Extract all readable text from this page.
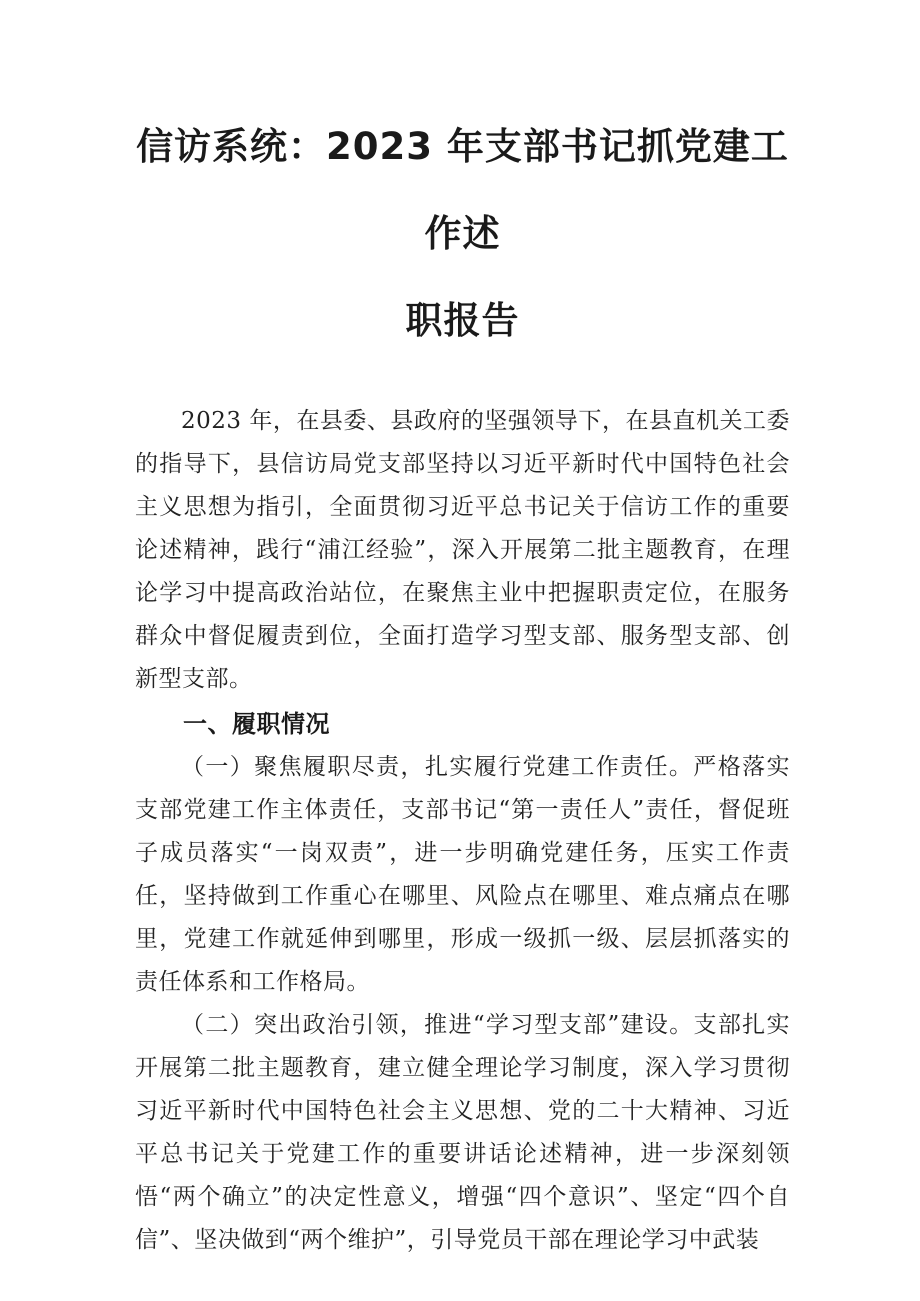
信访系统：2023 年支部书记抓党建工作述
职报告

2023 年，在县委、县政府的坚强领导下，在县直机关工委的指导下，县信访局党支部坚持以习近平新时代中国特色社会主义思想为指引，全面贯彻习近平总书记关于信访工作的重要论述精神，践行“浦江经验”，深入开展第二批主题教育，在理论学习中提高政治站位，在聚焦主业中把握职责定位，在服务群众中督促履责到位，全面打造学习型支部、服务型支部、创新型支部。

一、履职情况

（一）聚焦履职尽责，扎实履行党建工作责任。严格落实支部党建工作主体责任，支部书记“第一责任人”责任，督促班子成员落实“一岗双责”，进一步明确党建任务，压实工作责任，坚持做到工作重心在哪里、风险点在哪里、难点痛点在哪里，党建工作就延伸到哪里，形成一级抓一级、层层抓落实的责任体系和工作格局。

（二）突出政治引领，推进“学习型支部”建设。支部扎实开展第二批主题教育，建立健全理论学习制度，深入学习贯彻习近平新时代中国特色社会主义思想、党的二十大精神、习近平总书记关于党建工作的重要讲话论述精神，进一步深刻领悟“两个确立”的决定性意义，增强“四个意识”、坚定“四个自信”、坚决做到“两个维护”，引导党员干部在理论学习中武装
